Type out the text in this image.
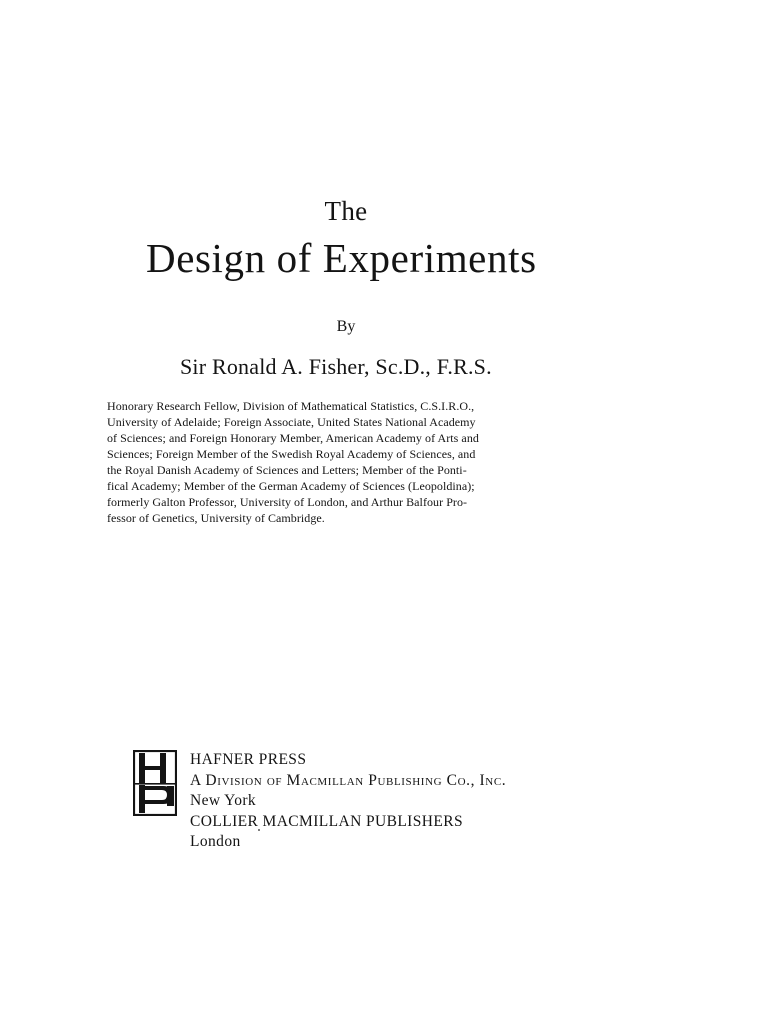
The
Design of Experiments
By
Sir Ronald A. Fisher, Sc.D., F.R.S.
Honorary Research Fellow, Division of Mathematical Statistics, C.S.I.R.O.,
University of Adelaide; Foreign Associate, United States National Academy
of Sciences; and Foreign Honorary Member, American Academy of Arts and
Sciences; Foreign Member of the Swedish Royal Academy of Sciences, and
the Royal Danish Academy of Sciences and Letters; Member of the Ponti-
fical Academy; Member of the German Academy of Sciences (Leopoldina);
formerly Galton Professor, University of London, and Arthur Balfour Pro-
fessor of Genetics, University of Cambridge.
HAFNER PRESS
A Division of Macmillan Publishing Co., Inc.
New York
COLLIER MACMILLAN PUBLISHERS
London
